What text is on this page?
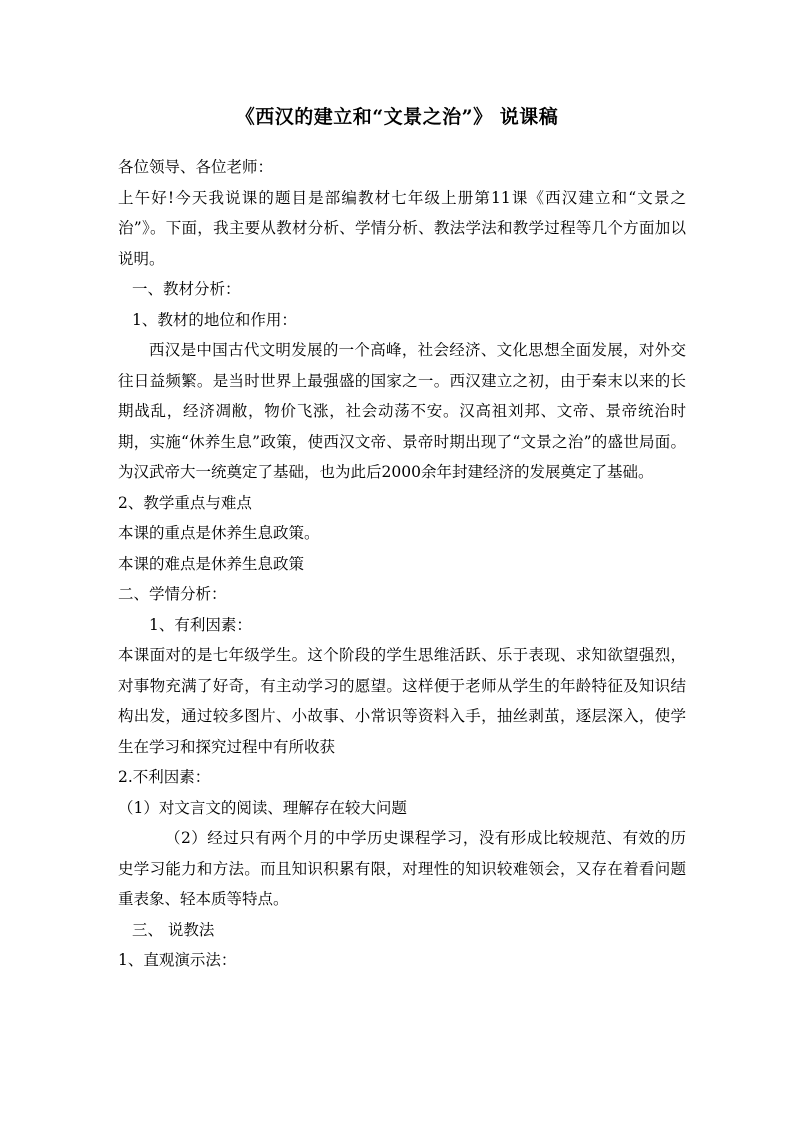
《西汉的建立和“文景之治”》 说课稿

各位领导、各位老师：

上午好!今天我说课的题目是部编教材七年级上册第11课《西汉建立和“文景之治”》。下面，我主要从教材分析、学情分析、教法学法和教学过程等几个方面加以说明。

一、教材分析：

1、教材的地位和作用：

西汉是中国古代文明发展的一个高峰，社会经济、文化思想全面发展，对外交往日益频繁。是当时世界上最强盛的国家之一。西汉建立之初，由于秦末以来的长期战乱，经济凋敝，物价飞涨，社会动荡不安。汉高祖刘邦、文帝、景帝统治时期，实施“休养生息”政策，使西汉文帝、景帝时期出现了“文景之治”的盛世局面。为汉武帝大一统奠定了基础，也为此后2000余年封建经济的发展奠定了基础。

2、教学重点与难点

本课的重点是休养生息政策。

本课的难点是休养生息政策

二、学情分析：

1、有利因素：

本课面对的是七年级学生。这个阶段的学生思维活跃、乐于表现、求知欲望强烈，对事物充满了好奇，有主动学习的愿望。这样便于老师从学生的年龄特征及知识结构出发，通过较多图片、小故事、小常识等资料入手，抽丝剥茧，逐层深入，使学生在学习和探究过程中有所收获

2.不利因素：

（1）对文言文的阅读、理解存在较大问题

（2）经过只有两个月的中学历史课程学习，没有形成比较规范、有效的历史学习能力和方法。而且知识积累有限，对理性的知识较难领会，又存在着看问题重表象、轻本质等特点。

三、 说教法

1、直观演示法：
